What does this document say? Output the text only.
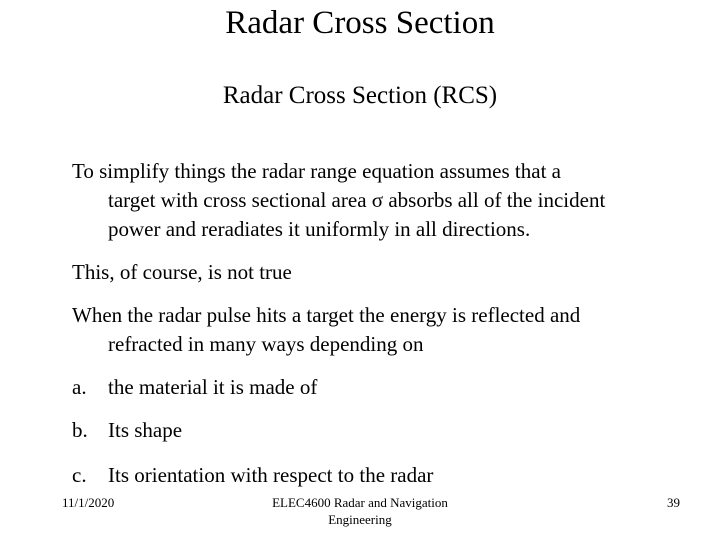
Radar Cross Section
Radar Cross Section (RCS)
To simplify things the radar range equation assumes that a
target with cross sectional area σ absorbs all of the incident
power and reradiates it uniformly in all directions.
This, of course, is not true
When the radar pulse hits a target the energy is reflected and
refracted in many ways depending on
a. the material it is made of
b. Its shape
c. Its orientation with respect to the radar
11/1/2020	ELEC4600 Radar and Navigation
Engineering
39
